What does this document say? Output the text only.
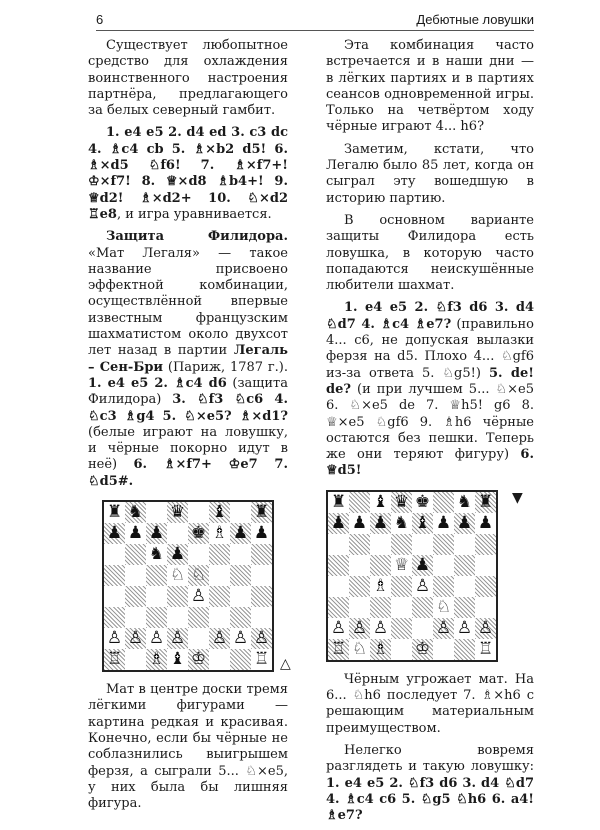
6	Дебютные ловушки

Существует любопытное средство для охлаждения воинственного настроения партнёра, предлагающего за белых северный гамбит.

1. e4 e5 2. d4 ed 3. c3 dc 4. ♗c4 cb 5. ♗×b2 d5! 6. ♗×d5 ♘f6! 7. ♗×f7+! ♔×f7! 8. ♕×d8 ♗b4+! 9. ♕d2! ♗×d2+ 10. ♘×d2 ♖e8, и игра уравнивается.

Защита Филидора. «Мат Легаля» — такое название присвоено эффектной комбинации, осуществлённой впервые известным французским шахматистом около двухсот лет назад в партии Легаль – Сен-Бри (Париж, 1787 г.). 1. e4 e5 2. ♗c4 d6 (защита Филидора) 3. ♘f3 ♘c6 4. ♘c3 ♗g4 5. ♘×e5? ♗×d1? (белые играют на ловушку, и чёрные покорно идут в неё) 6. ♗×f7+ ♔e7 7. ♘d5#.

♜ ♞ ♛ ♝ ♜
♟ ♟ ♟ ♚ ♗ ♟ ♟
♞ ♟
♘ ♘
♙
♙ ♙ ♙ ♙ ♙ ♙ ♙
♖ ♗ ♝ ♔	♖ △

Мат в центре доски тремя лёгкими фигурами — картина редкая и красивая. Конечно, если бы чёрные не соблазнились выигрышем ферзя, а сыграли 5... ♘×e5, у них была бы лишняя фигура.

Эта комбинация часто встречается и в наши дни — в лёгких партиях и в партиях сеансов одновременной игры. Только на четвёртом ходу чёрные играют 4... h6?

Заметим, кстати, что Легалю было 85 лет, когда он сыграл эту вошедшую в историю партию.

В основном варианте защиты Филидора есть ловушка, в которую часто попадаются неискушённые любители шахмат.

1. e4 e5 2. ♘f3 d6 3. d4 ♘d7 4. ♗c4 ♗e7? (правильно 4... c6, не допуская вылазки ферзя на d5. Плохо 4... ♘gf6 из-за ответа 5. ♘g5!) 5. de! de? (и при лучшем 5... ♘×e5 6. ♘×e5 de 7. ♕h5! g6 8. ♕×e5 ♘gf6 9. ♗h6 чёрные остаются без пешки. Теперь же они теряют фигуру) 6. ♕d5!

♜ ♝ ♛ ♚ ♞ ♜
♟ ♟ ♟ ♞ ♝ ♟ ♟ ♟
♕ ♟
♗ ♙
♘
♙ ♙ ♙	♙ ♙ ♙
♖ ♘ ♗ ♔	♖
▼

Чёрным угрожает мат. На 6... ♘h6 последует 7. ♗×h6 с решающим материальным преимуществом.

Нелегко вовремя разглядеть и такую ловушку: 1. e4 e5 2. ♘f3 d6 3. d4 ♘d7 4. ♗c4 c6 5. ♘g5 ♘h6 6. a4! ♗e7?
